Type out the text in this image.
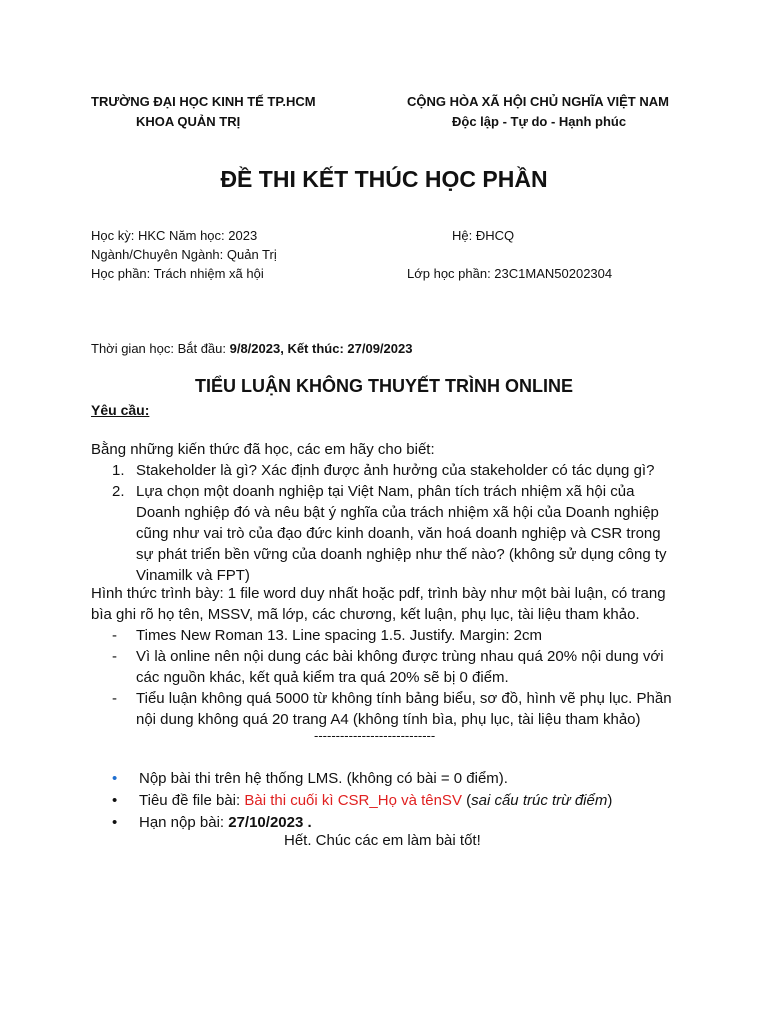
TRƯỜNG ĐẠI HỌC KINH TẾ TP.HCM
KHOA QUẢN TRỊ
CỘNG HÒA XÃ HỘI CHỦ NGHĨA VIỆT NAM
Độc lập - Tự do - Hạnh phúc
ĐỀ THI KẾT THÚC HỌC PHẦN
Học kỳ: HKC Năm học: 2023	Hệ: ĐHCQ
Ngành/Chuyên Ngành: Quản Trị
Học phần: Trách nhiệm xã hội	Lớp học phần: 23C1MAN50202304
Thời gian học: Bắt đầu: 9/8/2023, Kết thúc: 27/09/2023
TIỂU LUẬN KHÔNG THUYẾT TRÌNH ONLINE
Yêu cầu:
Bằng những kiến thức đã học, các em hãy cho biết:
1. Stakeholder là gì? Xác định được ảnh hưởng của stakeholder có tác dụng gì?
2. Lựa chọn một doanh nghiệp tại Việt Nam, phân tích trách nhiệm xã hội của Doanh nghiệp đó và nêu bật ý nghĩa của trách nhiệm xã hội của Doanh nghiệp cũng như vai trò của đạo đức kinh doanh, văn hoá doanh nghiệp và CSR trong sự phát triển bền vững của doanh nghiệp như thế nào? (không sử dụng công ty Vinamilk và FPT)
Hình thức trình bày: 1 file word duy nhất hoặc pdf, trình bày như một bài luận, có trang bìa ghi rõ họ tên, MSSV, mã lớp, các chương, kết luận, phụ lục, tài liệu tham khảo.
- Times New Roman 13. Line spacing 1.5. Justify. Margin: 2cm
- Vì là online nên nội dung các bài không được trùng nhau quá 20% nội dung với các nguồn khác, kết quả kiểm tra quá 20% sẽ bị 0 điểm.
- Tiểu luận không quá 5000 từ không tính bảng biểu, sơ đồ, hình vẽ phụ lục. Phần nội dung không quá 20 trang A4 (không tính bìa, phụ lục, tài liệu tham khảo)
----------------------------
• Nộp bài thi trên hệ thống LMS. (không có bài = 0 điểm).
• Tiêu đề file bài: Bài thi cuối kì CSR_Họ và tênSV (sai cấu trúc trừ điểm)
• Hạn nộp bài: 27/10/2023 .
Hết. Chúc các em làm bài tốt!
